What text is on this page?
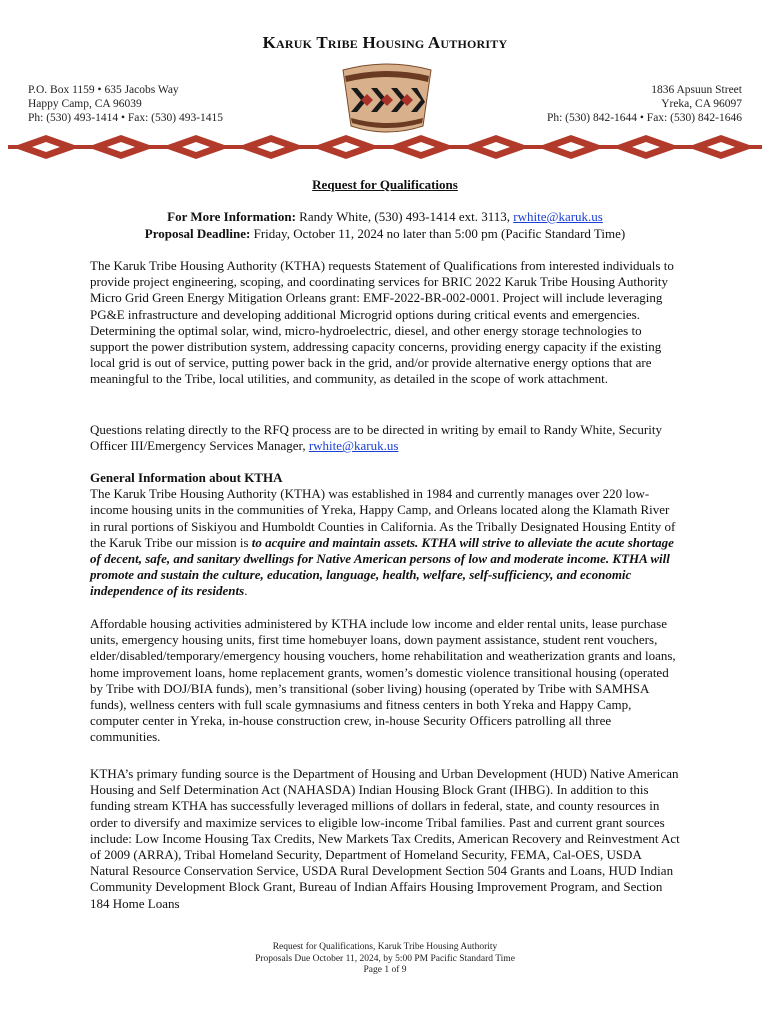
Karuk Tribe Housing Authority
P.O. Box 1159 • 635 Jacobs Way
Happy Camp, CA 96039
Ph: (530) 493-1414 • Fax: (530) 493-1415
1836 Apsuun Street
Yreka, CA 96097
Ph: (530) 842-1644 • Fax: (530) 842-1646
Request for Qualifications
For More Information: Randy White, (530) 493-1414 ext. 3113, rwhite@karuk.us
Proposal Deadline: Friday, October 11, 2024 no later than 5:00 pm (Pacific Standard Time)

The Karuk Tribe Housing Authority (KTHA) requests Statement of Qualifications from interested individuals to provide project engineering, scoping, and coordinating services for BRIC 2022 Karuk Tribe Housing Authority Micro Grid Green Energy Mitigation Orleans grant: EMF-2022-BR-002-0001. Project will include leveraging PG&E infrastructure and developing additional Microgrid options during critical events and emergencies. Determining the optimal solar, wind, micro-hydroelectric, diesel, and other energy storage technologies to support the power distribution system, addressing capacity concerns, providing energy capacity if the existing local grid is out of service, putting power back in the grid, and/or provide alternative energy options that are meaningful to the Tribe, local utilities, and community, as detailed in the scope of work attachment.

Questions relating directly to the RFQ process are to be directed in writing by email to Randy White, Security Officer III/Emergency Services Manager, rwhite@karuk.us

General Information about KTHA
The Karuk Tribe Housing Authority (KTHA) was established in 1984 and currently manages over 220 low-income housing units in the communities of Yreka, Happy Camp, and Orleans located along the Klamath River in rural portions of Siskiyou and Humboldt Counties in California. As the Tribally Designated Housing Entity of the Karuk Tribe our mission is to acquire and maintain assets. KTHA will strive to alleviate the acute shortage of decent, safe, and sanitary dwellings for Native American persons of low and moderate income. KTHA will promote and sustain the culture, education, language, health, welfare, self-sufficiency, and economic independence of its residents.

Affordable housing activities administered by KTHA include low income and elder rental units, lease purchase units, emergency housing units, first time homebuyer loans, down payment assistance, student rent vouchers, elder/disabled/temporary/emergency housing vouchers, home rehabilitation and weatherization grants and loans, home improvement loans, home replacement grants, women’s domestic violence transitional housing (operated by Tribe with DOJ/BIA funds), men’s transitional (sober living) housing (operated by Tribe with SAMHSA funds), wellness centers with full scale gymnasiums and fitness centers in both Yreka and Happy Camp, computer center in Yreka, in-house construction crew, in-house Security Officers patrolling all three communities.

KTHA’s primary funding source is the Department of Housing and Urban Development (HUD) Native American Housing and Self Determination Act (NAHASDA) Indian Housing Block Grant (IHBG). In addition to this funding stream KTHA has successfully leveraged millions of dollars in federal, state, and county resources in order to diversify and maximize services to eligible low-income Tribal families. Past and current grant sources include: Low Income Housing Tax Credits, New Markets Tax Credits, American Recovery and Reinvestment Act of 2009 (ARRA), Tribal Homeland Security, Department of Homeland Security, FEMA, Cal-OES, USDA Natural Resource Conservation Service, USDA Rural Development Section 504 Grants and Loans, HUD Indian Community Development Block Grant, Bureau of Indian Affairs Housing Improvement Program, and Section 184 Home Loans

Request for Qualifications, Karuk Tribe Housing Authority
Proposals Due October 11, 2024, by 5:00 PM Pacific Standard Time
Page 1 of 9
